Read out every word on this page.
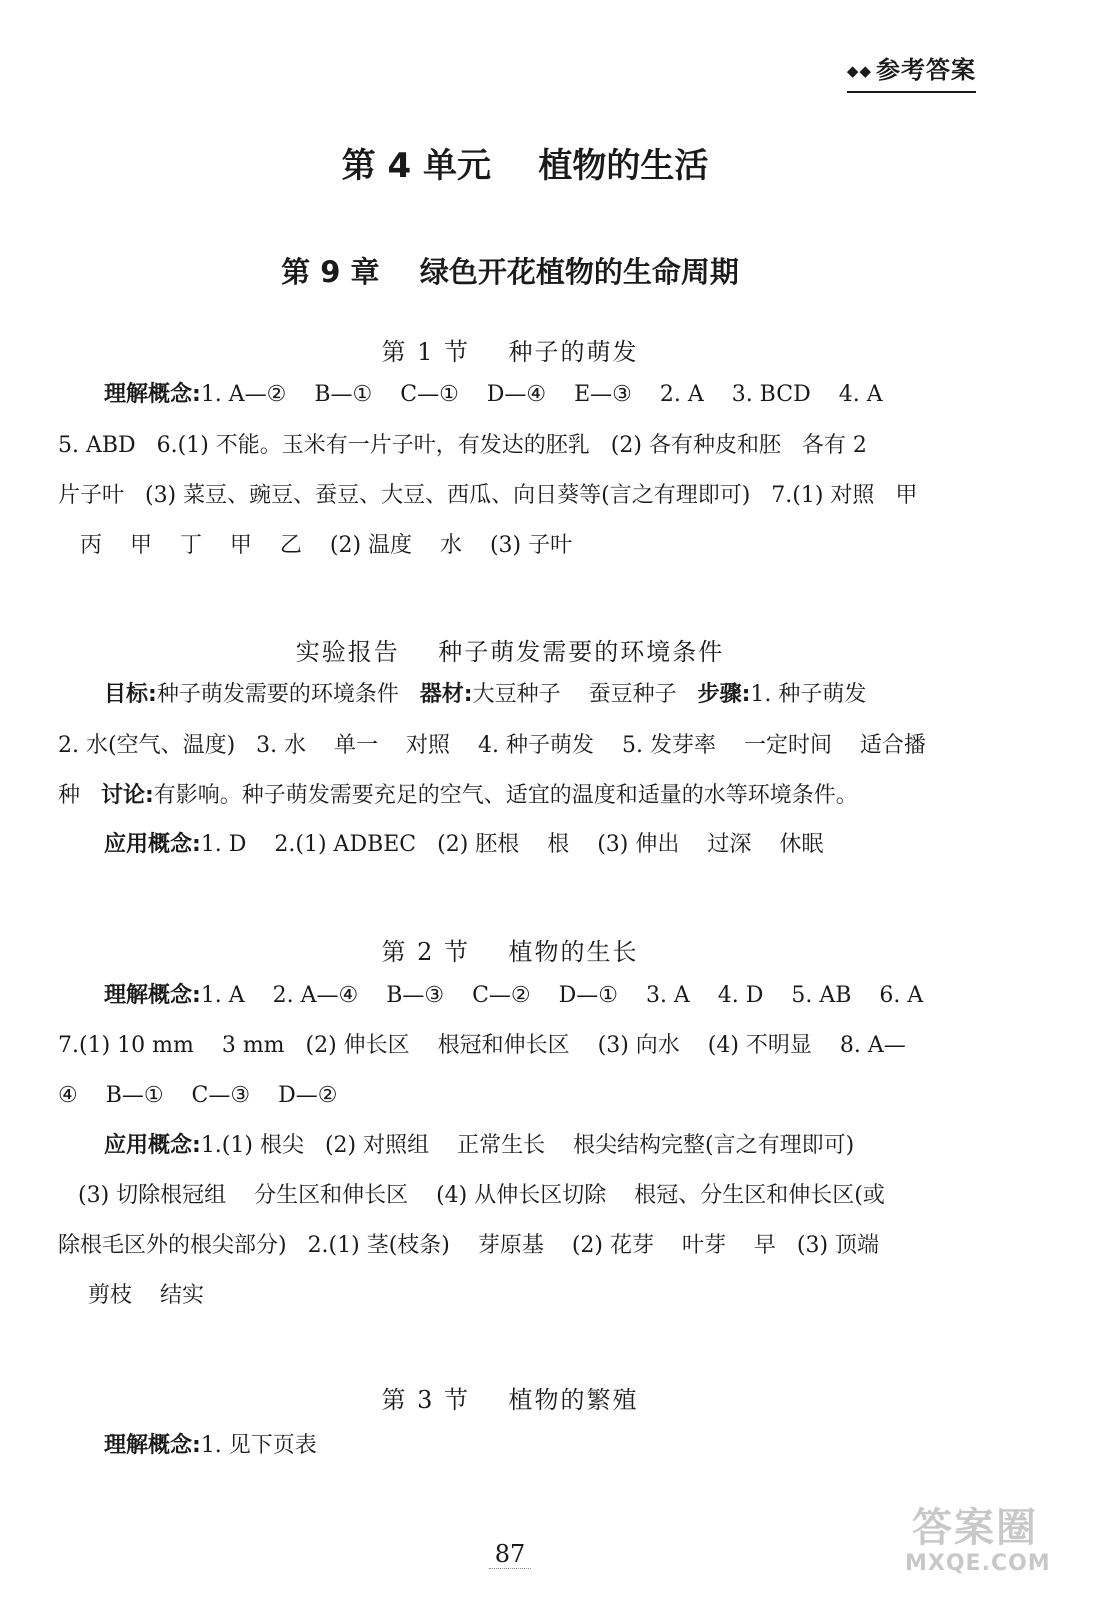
◆◆ 参考答案
第 4 单元    植物的生活
第 9 章    绿色开花植物的生命周期
第 1 节    种子的萌发
理解概念:1. A—②    B—①    C—①    D—④    E—③    2. A    3. BCD    4. A
5. ABD   6.(1) 不能。玉米有一片子叶，有发达的胚乳   (2) 各有种皮和胚   各有 2
片子叶   (3) 菜豆、豌豆、蚕豆、大豆、西瓜、向日葵等(言之有理即可)   7.(1) 对照   甲
丙    甲    丁    甲    乙    (2) 温度    水    (3) 子叶
实验报告    种子萌发需要的环境条件
目标:种子萌发需要的环境条件   器材:大豆种子    蚕豆种子   步骤:1. 种子萌发
2. 水(空气、温度)   3. 水    单一    对照    4. 种子萌发    5. 发芽率    一定时间    适合播
种   讨论:有影响。种子萌发需要充足的空气、适宜的温度和适量的水等环境条件。
应用概念:1. D    2.(1) ADBEC   (2) 胚根    根    (3) 伸出    过深    休眠
第 2 节    植物的生长
理解概念:1. A    2. A—④    B—③    C—②    D—①    3. A    4. D    5. AB    6. A
7.(1) 10 mm    3 mm   (2) 伸长区    根冠和伸长区    (3) 向水    (4) 不明显    8. A—
④    B—①    C—③    D—②
应用概念:1.(1) 根尖   (2) 对照组    正常生长    根尖结构完整(言之有理即可)
(3) 切除根冠组    分生区和伸长区    (4) 从伸长区切除    根冠、分生区和伸长区(或
除根毛区外的根尖部分)   2.(1) 茎(枝条)    芽原基    (2) 花芽    叶芽    早   (3) 顶端
剪枝    结实
第 3 节    植物的繁殖
理解概念:1. 见下页表
87
答案圈
MXQE.COM
